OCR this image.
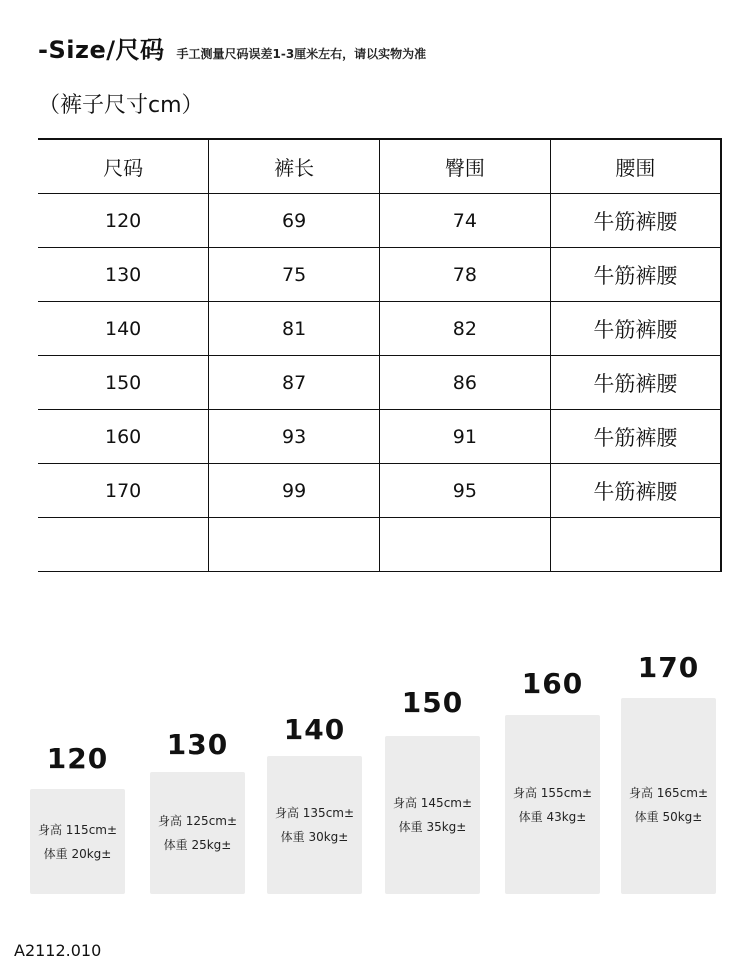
-Size/尺码 手工测量尺码误差1-3厘米左右，请以实物为准
（裤子尺寸cm）
尺码	裤长	臀围	腰围
120	69	74	牛筋裤腰
130	75	78	牛筋裤腰
140	81	82	牛筋裤腰
150	87	86	牛筋裤腰
160	93	91	牛筋裤腰
170	99	95	牛筋裤腰

120
身高 115cm±
体重 20kg±
130
身高 125cm±
体重 25kg±
140
身高 135cm±
体重 30kg±
150
身高 145cm±
体重 35kg±
160
身高 155cm±
体重 43kg±
170
身高 165cm±
体重 50kg±
A2112.010
